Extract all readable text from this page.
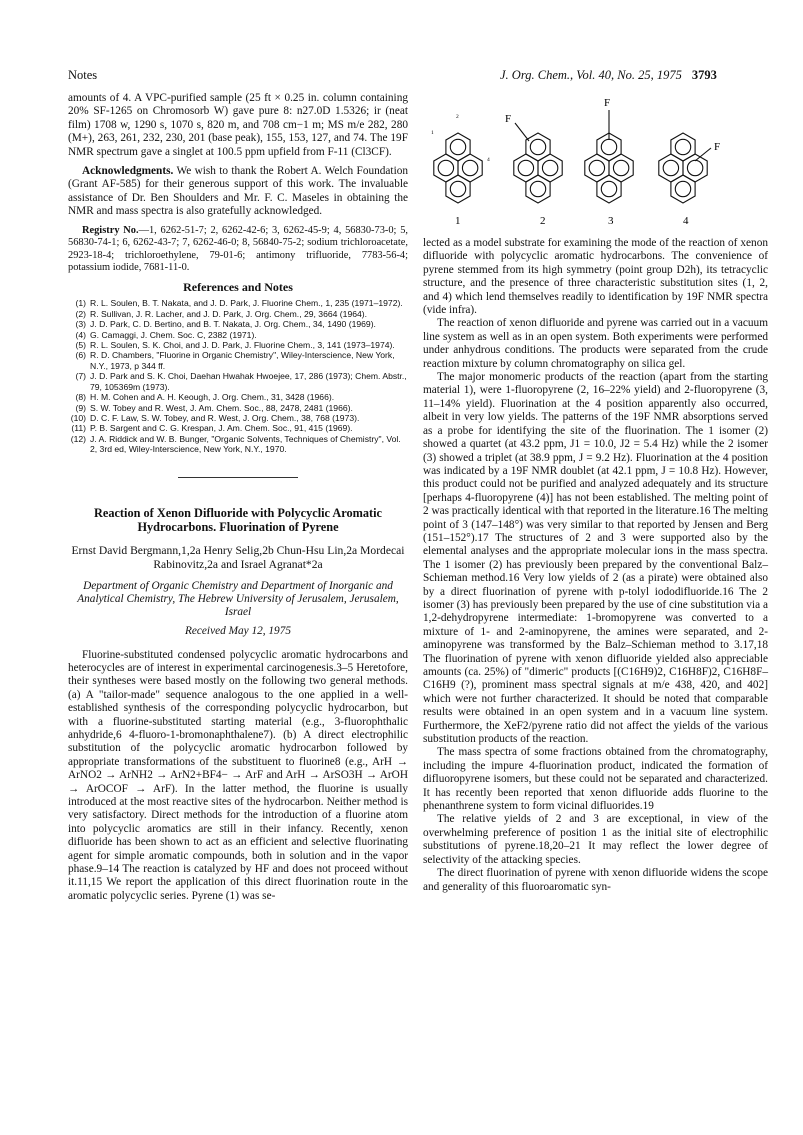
Notes	J. Org. Chem., Vol. 40, No. 25, 1975 3793

amounts of 4. A VPC-purified sample (25 ft × 0.25 in. column containing 20% SF-1265 on Chromosorb W) gave pure 8: n27.0D 1.5326; ir (neat film) 1708 w, 1290 s, 1070 s, 820 m, and 708 cm−1 m; MS m/e 282, 280 (M+), 263, 261, 232, 230, 201 (base peak), 155, 153, 127, and 74. The 19F NMR spectrum gave a singlet at 100.5 ppm upfield from F-11 (Cl3CF).

Acknowledgments. We wish to thank the Robert A. Welch Foundation (Grant AF-585) for their generous support of this work. The invaluable assistance of Dr. Ben Shoulders and Mr. F. C. Maseles in obtaining the NMR and mass spectra is also gratefully acknowledged.

Registry No.—1, 6262-51-7; 2, 6262-42-6; 3, 6262-45-9; 4, 56830-73-0; 5, 56830-74-1; 6, 6262-43-7; 7, 6262-46-0; 8, 56840-75-2; sodium trichloroacetate, 2923-18-4; trichloroethylene, 79-01-6; antimony trifluoride, 7783-56-4; potassium iodide, 7681-11-0.

References and Notes
(1) R. L. Soulen, B. T. Nakata, and J. D. Park, J. Fluorine Chem., 1, 235 (1971–1972).
(2) R. Sullivan, J. R. Lacher, and J. D. Park, J. Org. Chem., 29, 3664 (1964).
(3) J. D. Park, C. D. Bertino, and B. T. Nakata, J. Org. Chem., 34, 1490 (1969).
(4) G. Camaggi, J. Chem. Soc. C, 2382 (1971).
(5) R. L. Soulen, S. K. Choi, and J. D. Park, J. Fluorine Chem., 3, 141 (1973–1974).
(6) R. D. Chambers, "Fluorine in Organic Chemistry", Wiley-Interscience, New York, N.Y., 1973, p 344 ff.
(7) J. D. Park and S. K. Choi, Daehan Hwahak Hwoejee, 17, 286 (1973); Chem. Abstr., 79, 105369m (1973).
(8) H. M. Cohen and A. H. Keough, J. Org. Chem., 31, 3428 (1966).
(9) S. W. Tobey and R. West, J. Am. Chem. Soc., 88, 2478, 2481 (1966).
(10) D. C. F. Law, S. W. Tobey, and R. West, J. Org. Chem., 38, 768 (1973).
(11) P. B. Sargent and C. G. Krespan, J. Am. Chem. Soc., 91, 415 (1969).
(12) J. A. Riddick and W. B. Bunger, "Organic Solvents, Techniques of Chemistry", Vol. 2, 3rd ed, Wiley-Interscience, New York, N.Y., 1970.
Reaction of Xenon Difluoride with Polycyclic Aromatic Hydrocarbons. Fluorination of Pyrene
Ernst David Bergmann,1,2a Henry Selig,2b Chun-Hsu Lin,2a Mordecai Rabinovitz,2a and Israel Agranat*2a
Department of Organic Chemistry and Department of Inorganic and Analytical Chemistry, The Hebrew University of Jerusalem, Jerusalem, Israel
Received May 12, 1975

Fluorine-substituted condensed polycyclic aromatic hydrocarbons and heterocycles are of interest in experimental carcinogenesis.3–5 Heretofore, their syntheses were based mostly on the following two general methods. (a) A "tailor-made" sequence analogous to the one applied in a well-established synthesis of the corresponding polycyclic hydrocarbon, but with a fluorine-substituted starting material (e.g., 3-fluorophthalic anhydride,6 4-fluoro-1-bromonaphthalene7). (b) A direct electrophilic substitution of the polycyclic aromatic hydrocarbon followed by appropriate transformations of the substituent to fluorine8 (e.g., ArH → ArNO2 → ArNH2 → ArN2+BF4− → ArF and ArH → ArSO3H → ArOH → ArOCOF → ArF). In the latter method, the fluorine is usually introduced at the most reactive sites of the hydrocarbon. Neither method is very satisfactory. Direct methods for the introduction of a fluorine atom into polycyclic aromatics are still in their infancy. Recently, xenon difluoride has been shown to act as an efficient and selective fluorinating agent for simple aromatic compounds, both in solution and in the vapor phase.9–14 The reaction is catalyzed by HF and does not proceed without it.11,15 We report the application of this direct fluorination route in the aromatic polycyclic series. Pyrene (1) was se-

1	2	3	4
F
F
F
2
1
4

lected as a model substrate for examining the mode of the reaction of xenon difluoride with polycyclic aromatic hydrocarbons. The convenience of pyrene stemmed from its high symmetry (point group D2h), its tetracyclic structure, and the presence of three characteristic substitution sites (1, 2, and 4) which lend themselves readily to identification by 19F NMR spectra (vide infra).

The reaction of xenon difluoride and pyrene was carried out in a vacuum line system as well as in an open system. Both experiments were performed under anhydrous conditions. The products were separated from the crude reaction mixture by column chromatography on silica gel.

The major monomeric products of the reaction (apart from the starting material 1), were 1-fluoropyrene (2, 16–22% yield) and 2-fluoropyrene (3, 11–14% yield). Fluorination at the 4 position apparently also occurred, albeit in very low yields. The patterns of the 19F NMR absorptions served as a probe for identifying the site of the fluorination. The 1 isomer (2) showed a quartet (at 43.2 ppm, J1 = 10.0, J2 = 5.4 Hz) while the 2 isomer (3) showed a triplet (at 38.9 ppm, J = 9.2 Hz). Fluorination at the 4 position was indicated by a 19F NMR doublet (at 42.1 ppm, J = 10.8 Hz). However, this product could not be purified and analyzed adequately and its structure [perhaps 4-fluoropyrene (4)] has not been established. The melting point of 2 was practically identical with that reported in the literature.16 The melting point of 3 (147–148°) was very similar to that reported by Jensen and Berg (151–152°).17 The structures of 2 and 3 were supported also by the elemental analyses and the appropriate molecular ions in the mass spectra. The 1 isomer (2) has previously been prepared by the conventional Balz–Schieman method.16 Very low yields of 2 (as a pirate) were obtained also by a direct fluorination of pyrene with p-tolyl iododifluoride.16 The 2 isomer (3) has previously been prepared by the use of cine substitution via a 1,2-dehydropyrene intermediate: 1-bromopyrene was converted to a mixture of 1- and 2-aminopyrene, the amines were separated, and 2-aminopyrene was transformed by the Balz–Schieman method to 3.17,18 The fluorination of pyrene with xenon difluoride yielded also appreciable amounts (ca. 25%) of "dimeric" products [(C16H9)2, C16H8F)2, C16H8F–C16H9 (?), prominent mass spectral signals at m/e 438, 420, and 402] which were not further characterized. It should be noted that comparable results were obtained in an open system and in a vacuum line system. Furthermore, the XeF2/pyrene ratio did not affect the yields of the various substitution products of the reaction.

The mass spectra of some fractions obtained from the chromatography, including the impure 4-fluorination product, indicated the formation of difluoropyrene isomers, but these could not be separated and characterized. It has recently been reported that xenon difluoride adds fluorine to the phenanthrene system to form vicinal difluorides.19

The relative yields of 2 and 3 are exceptional, in view of the overwhelming preference of position 1 as the initial site of electrophilic substitutions of pyrene.18,20–21 It may reflect the lower degree of selectivity of the attacking species.

The direct fluorination of pyrene with xenon difluoride widens the scope and generality of this fluoroaromatic syn-
